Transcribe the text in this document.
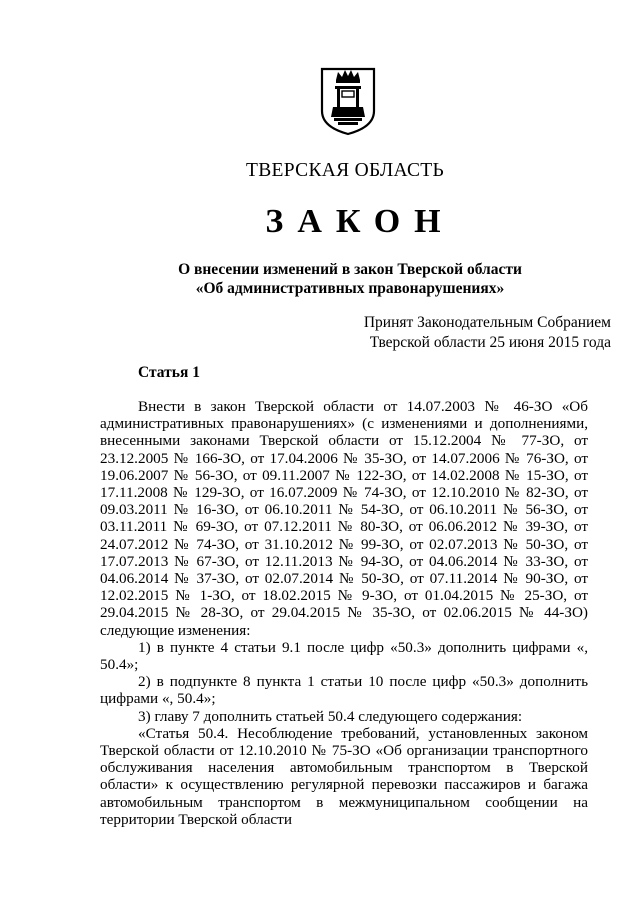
ТВЕРСКАЯ ОБЛАСТЬ
ЗАКОН
О внесении изменений в закон Тверской области
«Об административных правонарушениях»
Принят Законодательным Собранием
Тверской области 25 июня 2015 года
Статья 1

Внести в закон Тверской области от 14.07.2003 № 46-ЗО «Об административных правонарушениях» (с изменениями и дополнениями, внесенными законами Тверской области от 15.12.2004 № 77-ЗО, от 23.12.2005 № 166-ЗО, от 17.04.2006 № 35-ЗО, от 14.07.2006 № 76-ЗО, от 19.06.2007 № 56-ЗО, от 09.11.2007 № 122-ЗО, от 14.02.2008 № 15-ЗО, от 17.11.2008 № 129-ЗО, от 16.07.2009 № 74-ЗО, от 12.10.2010 № 82-ЗО, от 09.03.2011 № 16-ЗО, от 06.10.2011 № 54-ЗО, от 06.10.2011 № 56-ЗО, от 03.11.2011 № 69-ЗО, от 07.12.2011 № 80-ЗО, от 06.06.2012 № 39-ЗО, от 24.07.2012 № 74-ЗО, от 31.10.2012 № 99-ЗО, от 02.07.2013 № 50-ЗО, от 17.07.2013 № 67-ЗО, от 12.11.2013 № 94-ЗО, от 04.06.2014 № 33-ЗО, от 04.06.2014 № 37-ЗО, от 02.07.2014 № 50-ЗО, от 07.11.2014 № 90-ЗО, от 12.02.2015 № 1-ЗО, от 18.02.2015 № 9-ЗО, от 01.04.2015 № 25-ЗО, от 29.04.2015 № 28-ЗО, от 29.04.2015 № 35-ЗО, от 02.06.2015 № 44-ЗО) следующие изменения:

1) в пункте 4 статьи 9.1 после цифр «50.3» дополнить цифрами «, 50.4»;

2) в подпункте 8 пункта 1 статьи 10 после цифр «50.3» дополнить цифрами «, 50.4»;

3) главу 7 дополнить статьей 50.4 следующего содержания:

«Статья 50.4. Несоблюдение требований, установленных законом Тверской области от 12.10.2010 № 75-ЗО «Об организации транспортного обслуживания населения автомобильным транспортом в Тверской области» к осуществлению регулярной перевозки пассажиров и багажа автомобильным транспортом в межмуниципальном сообщении на территории Тверской области
